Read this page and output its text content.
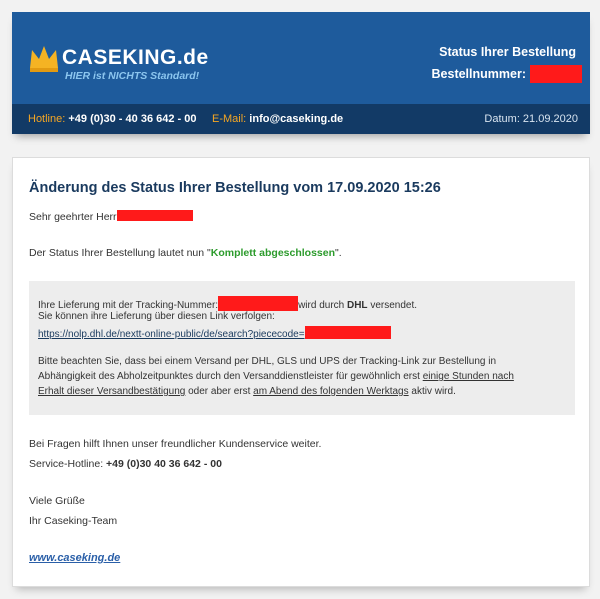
CASEKING.de
HIER ist NICHTS Standard!
Status Ihrer Bestellung
Bestellnummer:
Hotline: +49 (0)30 - 40 36 642 - 00 E-Mail: info@caseking.de	Datum: 21.09.2020
Änderung des Status Ihrer Bestellung vom 17.09.2020 15:26
Sehr geehrter Herr
Der Status Ihrer Bestellung lautet nun "Komplett abgeschlossen".
Ihre Lieferung mit der Tracking-Nummer:	wird durch DHL versendet.
Sie können ihre Lieferung über diesen Link verfolgen:
https://nolp.dhl.de/nextt-online-public/de/search?piececode=
Bitte beachten Sie, dass bei einem Versand per DHL, GLS und UPS der Tracking-Link zur Bestellung in
Abhängigkeit des Abholzeitpunktes durch den Versanddienstleister für gewöhnlich erst einige Stunden nach
Erhalt dieser Versandbestätigung oder aber erst am Abend des folgenden Werktags aktiv wird.
Bei Fragen hilft Ihnen unser freundlicher Kundenservice weiter.
Service-Hotline: +49 (0)30 40 36 642 - 00
Viele Grüße
Ihr Caseking-Team
www.caseking.de
